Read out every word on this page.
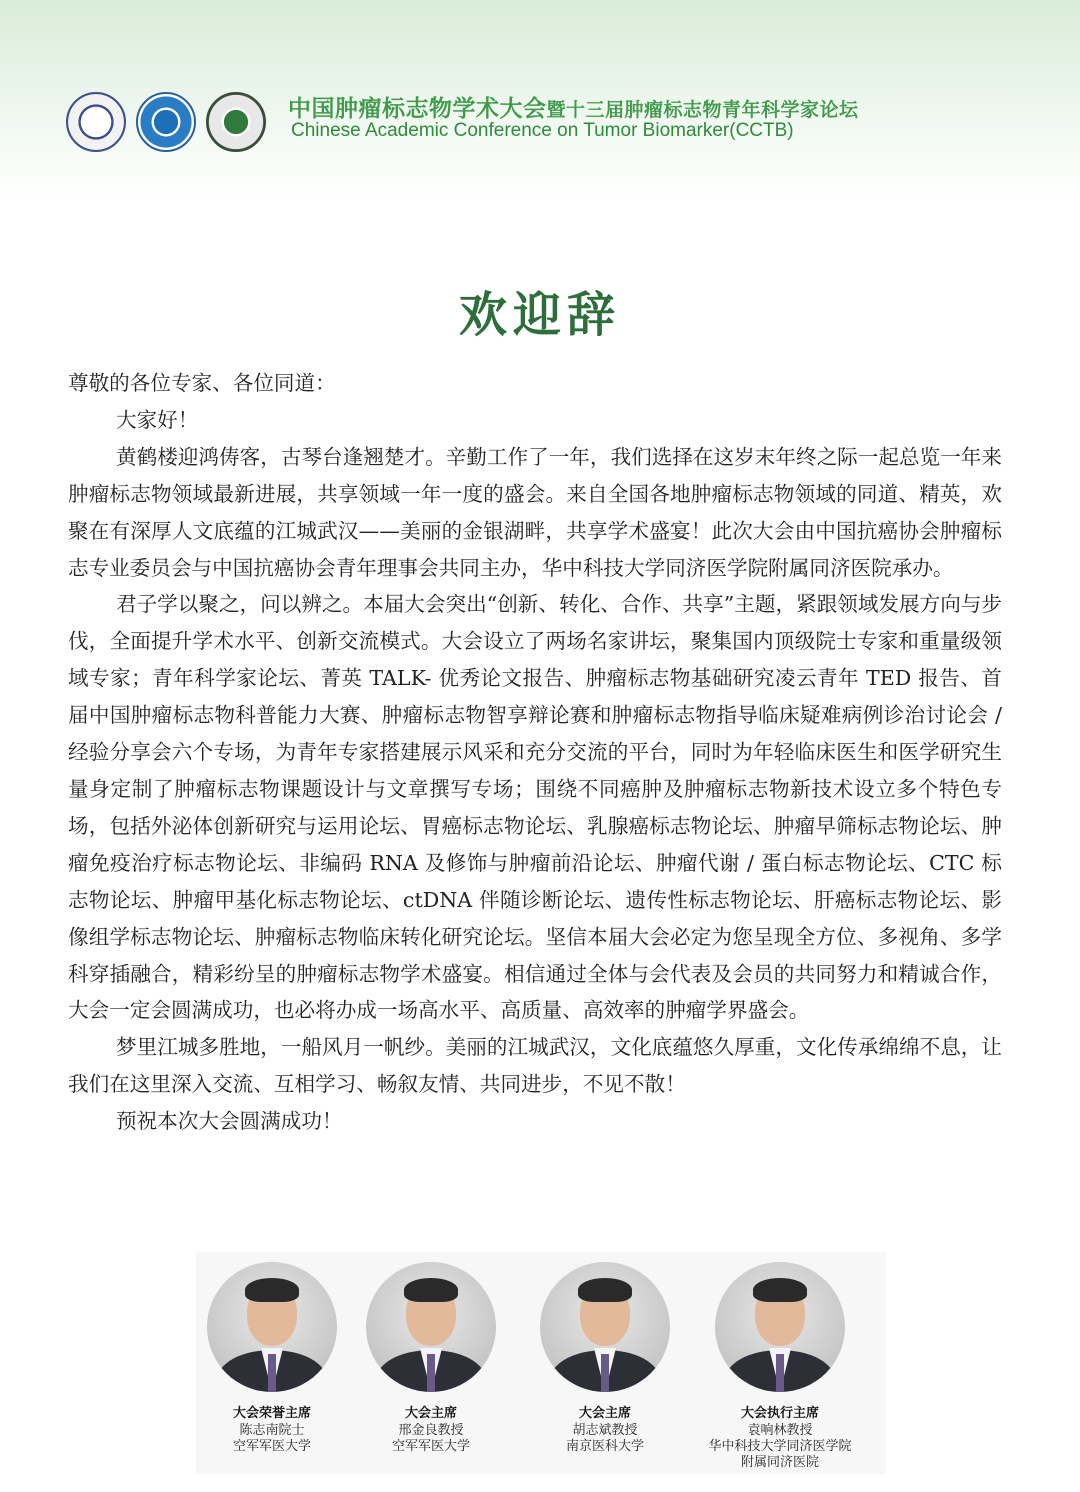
中国肿瘤标志物学术大会暨十三届肿瘤标志物青年科学家论坛
Chinese Academic Conference on Tumor Biomarker(CCTB)
欢迎辞

尊敬的各位专家、各位同道：

大家好！

黄鹤楼迎鸿俦客，古琴台逢翘楚才。辛勤工作了一年，我们选择在这岁末年终之际一起总览一年来肿瘤标志物领域最新进展，共享领域一年一度的盛会。来自全国各地肿瘤标志物领域的同道、精英，欢聚在有深厚人文底蕴的江城武汉——美丽的金银湖畔，共享学术盛宴！此次大会由中国抗癌协会肿瘤标志专业委员会与中国抗癌协会青年理事会共同主办，华中科技大学同济医学院附属同济医院承办。

君子学以聚之，问以辨之。本届大会突出“创新、转化、合作、共享”主题，紧跟领域发展方向与步伐，全面提升学术水平、创新交流模式。大会设立了两场名家讲坛，聚集国内顶级院士专家和重量级领域专家；青年科学家论坛、菁英 TALK- 优秀论文报告、肿瘤标志物基础研究凌云青年 TED 报告、首届中国肿瘤标志物科普能力大赛、肿瘤标志物智享辩论赛和肿瘤标志物指导临床疑难病例诊治讨论会 / 经验分享会六个专场，为青年专家搭建展示风采和充分交流的平台，同时为年轻临床医生和医学研究生量身定制了肿瘤标志物课题设计与文章撰写专场；围绕不同癌肿及肿瘤标志物新技术设立多个特色专场，包括外泌体创新研究与运用论坛、胃癌标志物论坛、乳腺癌标志物论坛、肿瘤早筛标志物论坛、肿瘤免疫治疗标志物论坛、非编码 RNA 及修饰与肿瘤前沿论坛、肿瘤代谢 / 蛋白标志物论坛、CTC 标志物论坛、肿瘤甲基化标志物论坛、ctDNA 伴随诊断论坛、遗传性标志物论坛、肝癌标志物论坛、影像组学标志物论坛、肿瘤标志物临床转化研究论坛。坚信本届大会必定为您呈现全方位、多视角、多学科穿插融合，精彩纷呈的肿瘤标志物学术盛宴。相信通过全体与会代表及会员的共同努力和精诚合作，大会一定会圆满成功，也必将办成一场高水平、高质量、高效率的肿瘤学界盛会。

梦里江城多胜地，一船风月一帆纱。美丽的江城武汉，文化底蕴悠久厚重，文化传承绵绵不息，让我们在这里深入交流、互相学习、畅叙友情、共同进步，不见不散！

预祝本次大会圆满成功！

大会荣誉主席
陈志南院士
空军军医大学
大会主席
邢金良教授
空军军医大学
大会主席
胡志斌教授
南京医科大学
大会执行主席
袁响林教授
华中科技大学同济医学院
附属同济医院
